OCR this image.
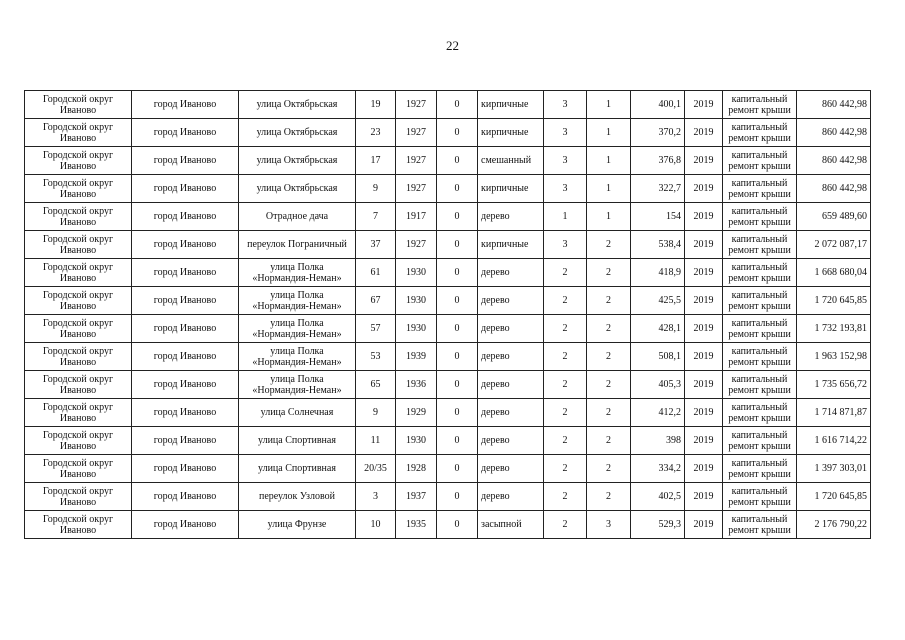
22
Городской округ Иваново	город Иваново	улица Октябрьская	19	1927	0	кирпичные	3	1	400,1	2019	капитальный ремонт крыши	860 442,98
Городской округ Иваново	город Иваново	улица Октябрьская	23	1927	0	кирпичные	3	1	370,2	2019	капитальный ремонт крыши	860 442,98
Городской округ Иваново	город Иваново	улица Октябрьская	17	1927	0	смешанный	3	1	376,8	2019	капитальный ремонт крыши	860 442,98
Городской округ Иваново	город Иваново	улица Октябрьская	9	1927	0	кирпичные	3	1	322,7	2019	капитальный ремонт крыши	860 442,98
Городской округ Иваново	город Иваново	Отрадное дача	7	1917	0	дерево	1	1	154	2019	капитальный ремонт крыши	659 489,60
Городской округ Иваново	город Иваново	переулок Пограничный	37	1927	0	кирпичные	3	2	538,4	2019	капитальный ремонт крыши	2 072 087,17
Городской округ Иваново	город Иваново	улица Полка «Нормандия-Неман»	61	1930	0	дерево	2	2	418,9	2019	капитальный ремонт крыши	1 668 680,04
Городской округ Иваново	город Иваново	улица Полка «Нормандия-Неман»	67	1930	0	дерево	2	2	425,5	2019	капитальный ремонт крыши	1 720 645,85
Городской округ Иваново	город Иваново	улица Полка «Нормандия-Неман»	57	1930	0	дерево	2	2	428,1	2019	капитальный ремонт крыши	1 732 193,81
Городской округ Иваново	город Иваново	улица Полка «Нормандия-Неман»	53	1939	0	дерево	2	2	508,1	2019	капитальный ремонт крыши	1 963 152,98
Городской округ Иваново	город Иваново	улица Полка «Нормандия-Неман»	65	1936	0	дерево	2	2	405,3	2019	капитальный ремонт крыши	1 735 656,72
Городской округ Иваново	город Иваново	улица Солнечная	9	1929	0	дерево	2	2	412,2	2019	капитальный ремонт крыши	1 714 871,87
Городской округ Иваново	город Иваново	улица Спортивная	11	1930	0	дерево	2	2	398	2019	капитальный ремонт крыши	1 616 714,22
Городской округ Иваново	город Иваново	улица Спортивная	20/35	1928	0	дерево	2	2	334,2	2019	капитальный ремонт крыши	1 397 303,01
Городской округ Иваново	город Иваново	переулок Узловой	3	1937	0	дерево	2	2	402,5	2019	капитальный ремонт крыши	1 720 645,85
Городской округ Иваново	город Иваново	улица Фрунзе	10	1935	0	засыпной	2	3	529,3	2019	капитальный ремонт крыши	2 176 790,22
